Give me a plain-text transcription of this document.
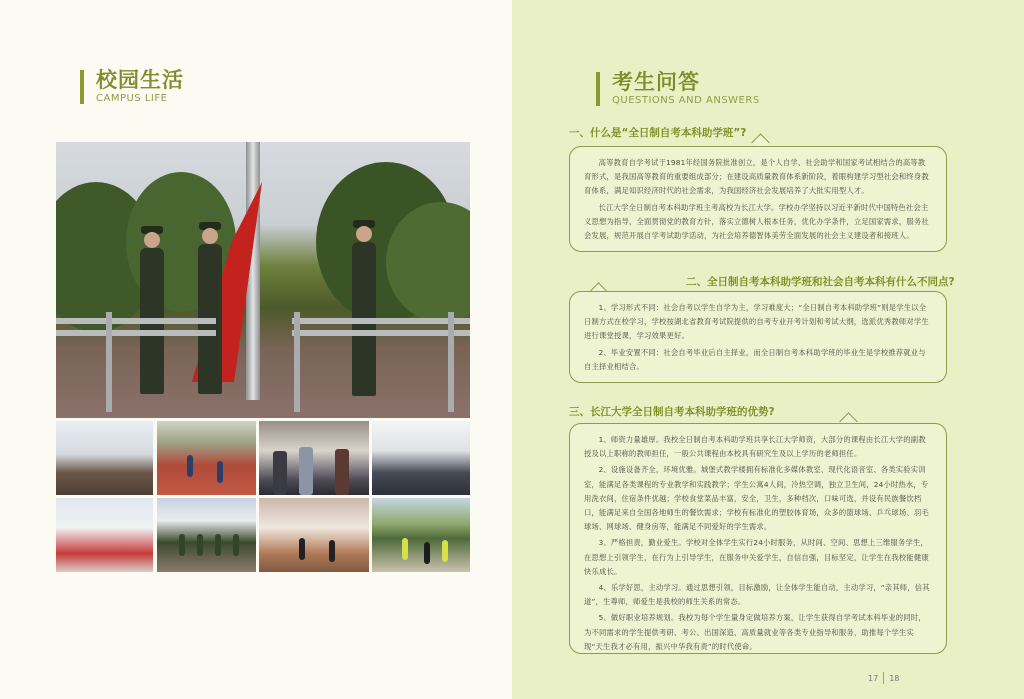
校园生活
CAMPUS LIFE
考生问答
QUESTIONS AND ANSWERS
一、什么是“全日制自考本科助学班”?

高等教育自学考试于1981年经国务院批准创立，是个人自学、社会助学和国家考试相结合的高等教育形式，是我国高等教育的重要组成部分；在建设高质量教育体系新阶段，着眼构建学习型社会和终身教育体系，满足知识经济时代的社会需求，为我国经济社会发展培养了大批实用型人才。

长江大学全日制自考本科助学班主考高校为长江大学。学校办学坚持以习近平新时代中国特色社会主义思想为指导，全面贯彻党的教育方针，落实立德树人根本任务，优化办学条件，立足国家需求，服务社会发展，规范开展自学考试助学活动，为社会培养德智体美劳全面发展的社会主义建设者和接班人。

二、全日制自考本科助学班和社会自考本科有什么不同点?

1、学习形式不同：社会自考以学生自学为主，学习难度大；“全日制自考本科助学班”则是学生以全日制方式在校学习，学校按湖北省教育考试院提供的自考专业开考计划和考试大纲，选派优秀教师对学生进行课堂授课，学习效果更好。

2、毕业安置不同：社会自考毕业后自主择业，而全日制自考本科助学班的毕业生是学校推荐就业与自主择业相结合。

三、长江大学全日制自考本科助学班的优势?

1、师资力量雄厚。我校全日制自考本科助学班共享长江大学师资，大部分的课程由长江大学的副教授及以上职称的教师担任，一般公共课程由本校具有研究生及以上学历的老师担任。

2、设施设备齐全，环境优雅。城堡式教学楼拥有标准化多媒体教室、现代化语音室、各类实验实训室，能满足各类课程的专业教学和实践教学；学生公寓4人间，冷热空调，独立卫生间，24小时热水，专用洗衣间，住宿条件优越；学校食堂菜品丰富，安全，卫生，多种档次，口味可选，并设有民族餐饮档口，能满足来自全国各地师生的餐饮需求；学校有标准化的塑胶体育场，众多的篮球场、乒乓球场、羽毛球场、网球场、健身房等，能满足不同爱好的学生需求。

3、严格担责，勤业爱生。学校对全体学生实行24小时服务，从时间、空间、思想上三维服务学生，在思想上引领学生，在行为上引导学生，在服务中关爱学生，自信自强，目标坚定，让学生在我校能健康快乐成长。

4、乐学好思，主动学习。通过思想引领，目标激励，让全体学生能自动，主动学习，“亲其师，信其道”，生尊师，师爱生是我校的师生关系的常态。

5、做好职业培养规划。我校为每个学生量身定做培养方案，让学生获得自学考试本科毕业的同时，为不同需求的学生提供考研、考公、出国深造、高质量就业等各类专业指导和服务，助推每个学生实现“天生我才必有用，振兴中华我有责”的时代使命。

17 18
